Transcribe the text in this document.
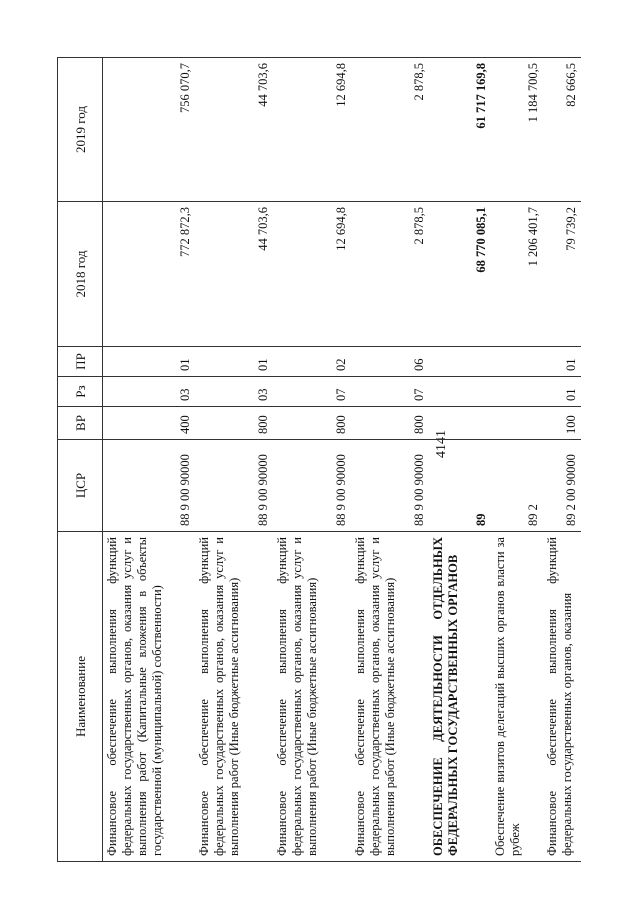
4141
Наименование	ЦСР	ВР	Рз	ПР	2018 год	2019 год
Финансовое обеспечение выполнения функций федеральных государственных органов, оказания услуг и выполнения работ (Капитальные вложения в объекты государственной (муниципальной) собственности)	88 9 00 90000	400	03	01	772 872,3	756 070,7
Финансовое обеспечение выполнения функций федеральных государственных органов, оказания услуг и выполнения работ (Иные бюджетные ассигнования)	88 9 00 90000	800	03	01	44 703,6	44 703,6
Финансовое обеспечение выполнения функций федеральных государственных органов, оказания услуг и выполнения работ (Иные бюджетные ассигнования)	88 9 00 90000	800	07	02	12 694,8	12 694,8
Финансовое обеспечение выполнения функций федеральных государственных органов, оказания услуг и выполнения работ (Иные бюджетные ассигнования)	88 9 00 90000	800	07	06	2 878,5	2 878,5
ОБЕСПЕЧЕНИЕ ДЕЯТЕЛЬНОСТИ ОТДЕЛЬНЫХ ФЕДЕРАЛЬНЫХ ГОСУДАРСТВЕННЫХ ОРГАНОВ	89				68 770 085,1	61 717 169,8
Обеспечение визитов делегаций высших органов власти за рубеж	89 2				1 206 401,7	1 184 700,5
Финансовое обеспечение выполнения функций федеральных государственных органов, оказания	89 2 00 90000	100	01	01	79 739,2	82 666,5
